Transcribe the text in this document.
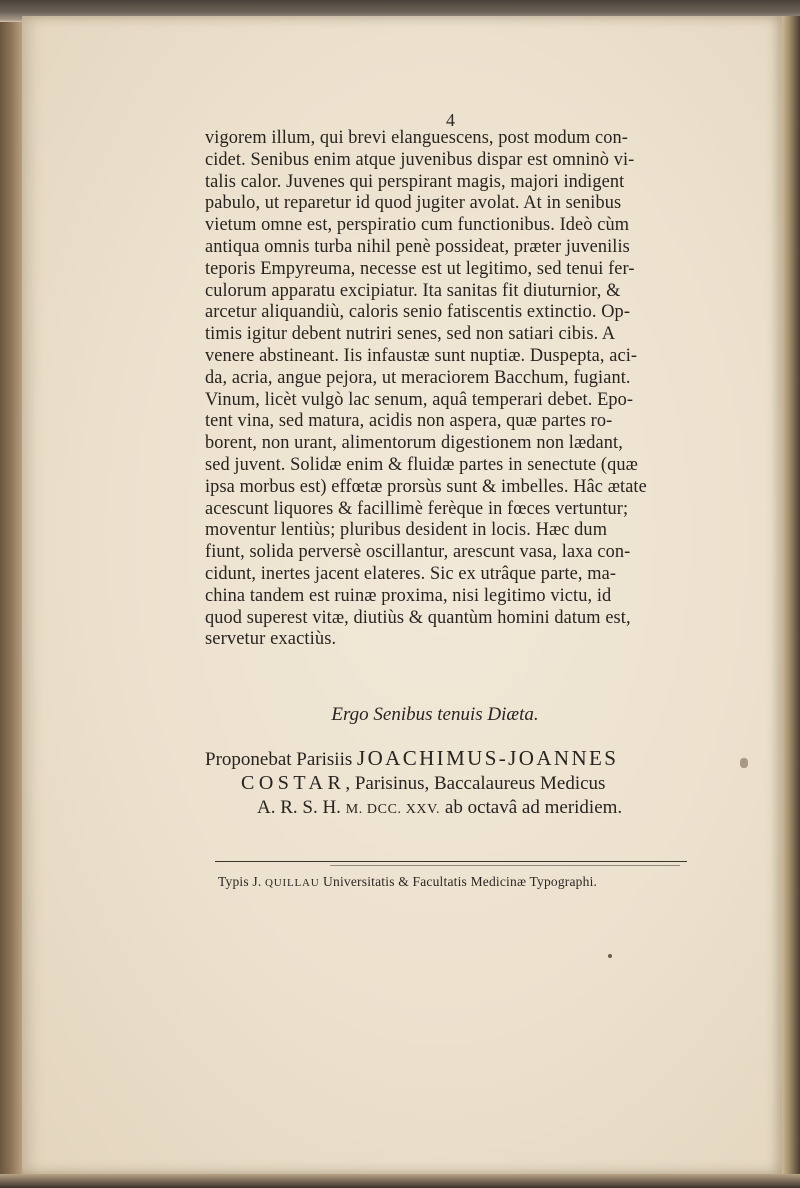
4
vigorem illum, qui brevi elanguescens, post modum con-
cidet. Senibus enim atque juvenibus dispar est omninò vi-
talis calor. Juvenes qui perspirant magis, majori indigent
pabulo, ut reparetur id quod jugiter avolat. At in senibus
vietum omne est, perspiratio cum functionibus. Ideò cùm
antiqua omnis turba nihil penè possideat, præter juvenilis
teporis Empyreuma, necesse est ut legitimo, sed tenui fer-
culorum apparatu excipiatur. Ita sanitas fit diuturnior, &
arcetur aliquandiù, caloris senio fatiscentis extinctio. Op-
timis igitur debent nutriri senes, sed non satiari cibis. A
venere abstineant. Iis infaustæ sunt nuptiæ. Duspepta, aci-
da, acria, angue pejora, ut meraciorem Bacchum, fugiant.
Vinum, licèt vulgò lac senum, aquâ temperari debet. Epo-
tent vina, sed matura, acidis non aspera, quæ partes ro-
borent, non urant, alimentorum digestionem non lædant,
sed juvent. Solidæ enim & fluidæ partes in senectute (quæ
ipsa morbus est) effœtæ prorsùs sunt & imbelles. Hâc ætate
acescunt liquores & facillimè ferèque in fœces vertuntur;
moventur lentiùs; pluribus desident in locis. Hæc dum
fiunt, solida perversè oscillantur, arescunt vasa, laxa con-
cidunt, inertes jacent elateres. Sic ex utrâque parte, ma-
china tandem est ruinæ proxima, nisi legitimo victu, id
quod superest vitæ, diutiùs & quantùm homini datum est,
servetur exactiùs.
Ergo Senibus tenuis Diæta.
Proponebat Parisiis JOACHIMUS-JOANNES
COSTAR, Parisinus, Baccalaureus Medicus
A. R. S. H. M. DCC. XXV. ab octavâ ad meridiem.
Typis J. QUILLAU Universitatis & Facultatis Medicinæ Typographi.
